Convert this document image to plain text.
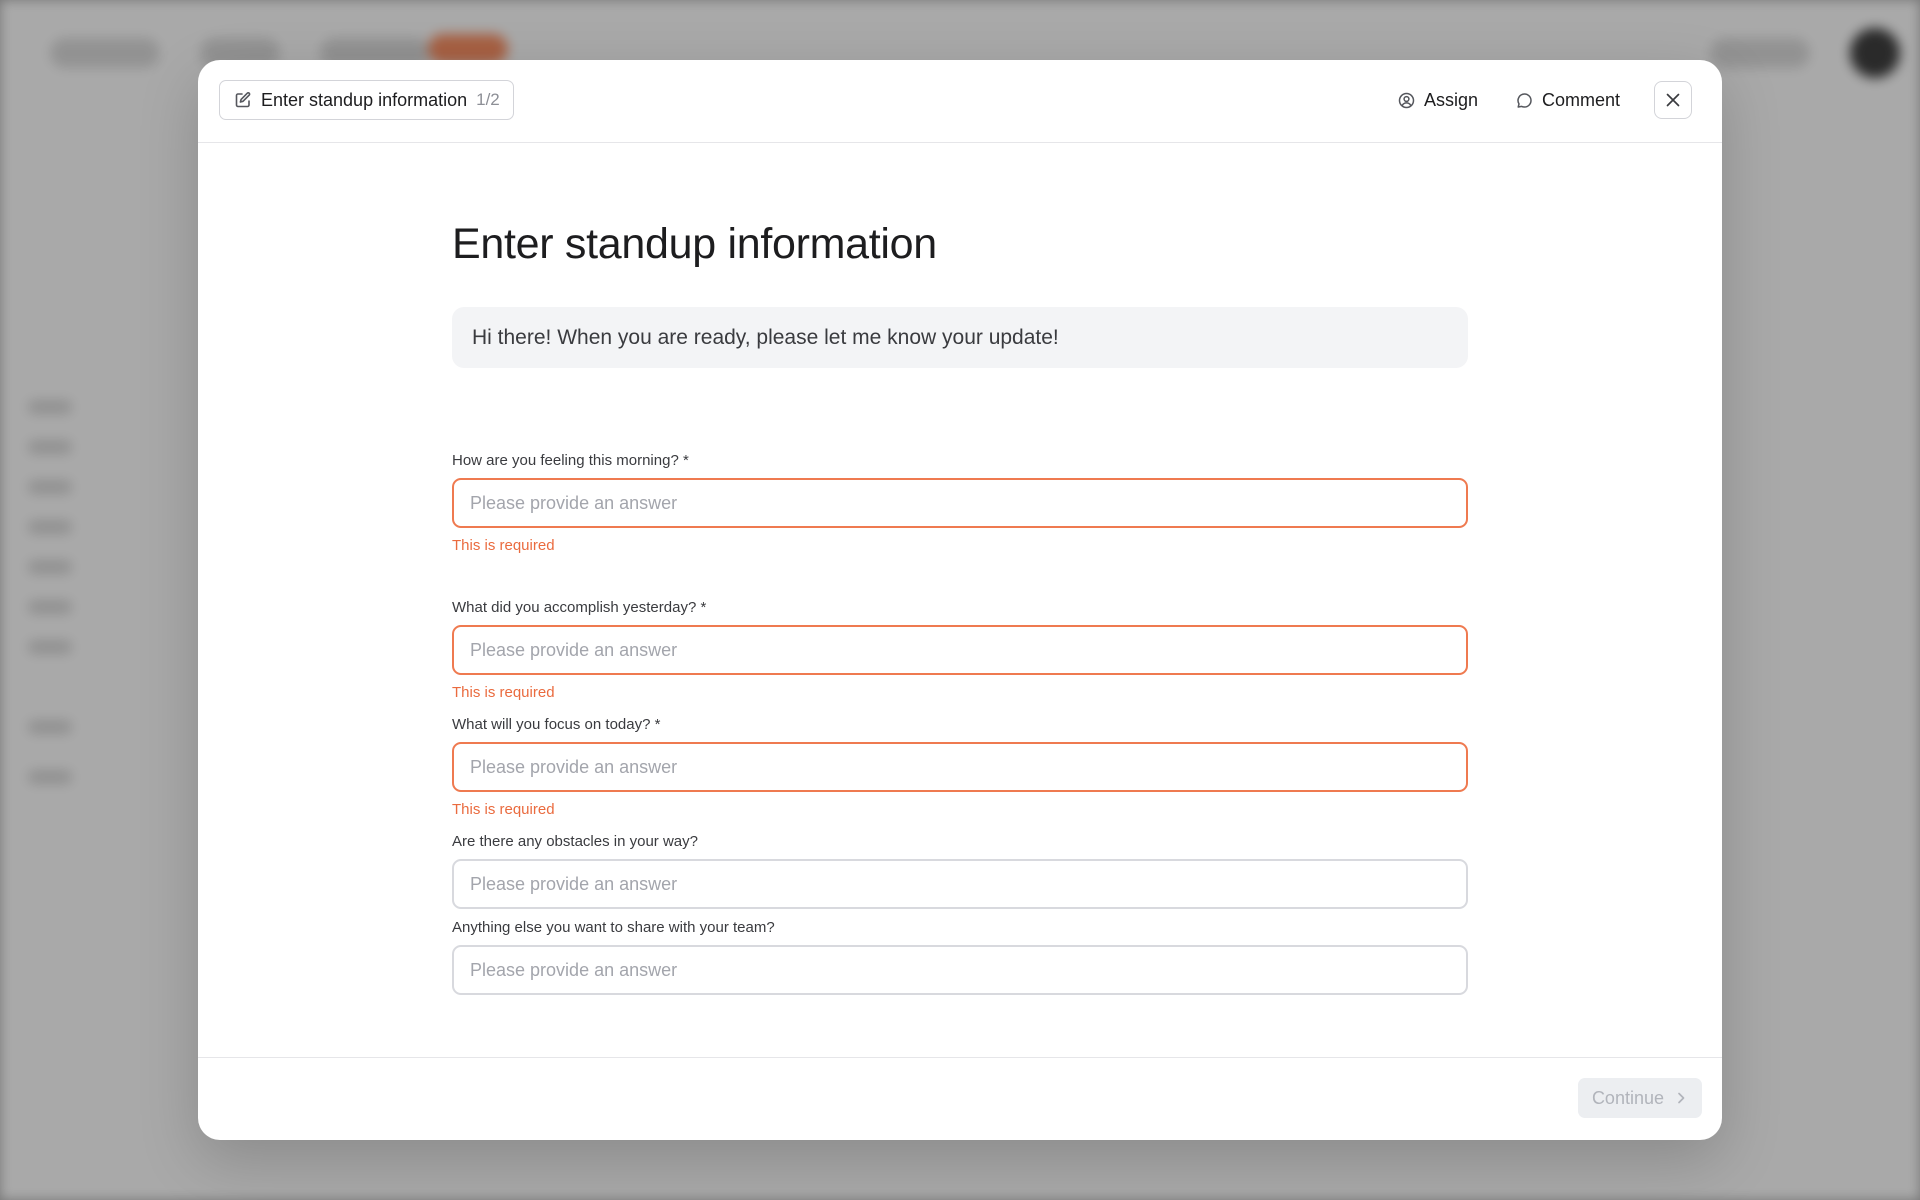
Enter standup information 1/2	Assign	Comment
Enter standup information
Hi there! When you are ready, please let me know your update!
How are you feeling this morning? *
Please provide an answer
This is required
What did you accomplish yesterday? *
Please provide an answer
This is required
What will you focus on today? *
Please provide an answer
This is required
Are there any obstacles in your way?
Please provide an answer
Anything else you want to share with your team?
Please provide an answer
Continue
